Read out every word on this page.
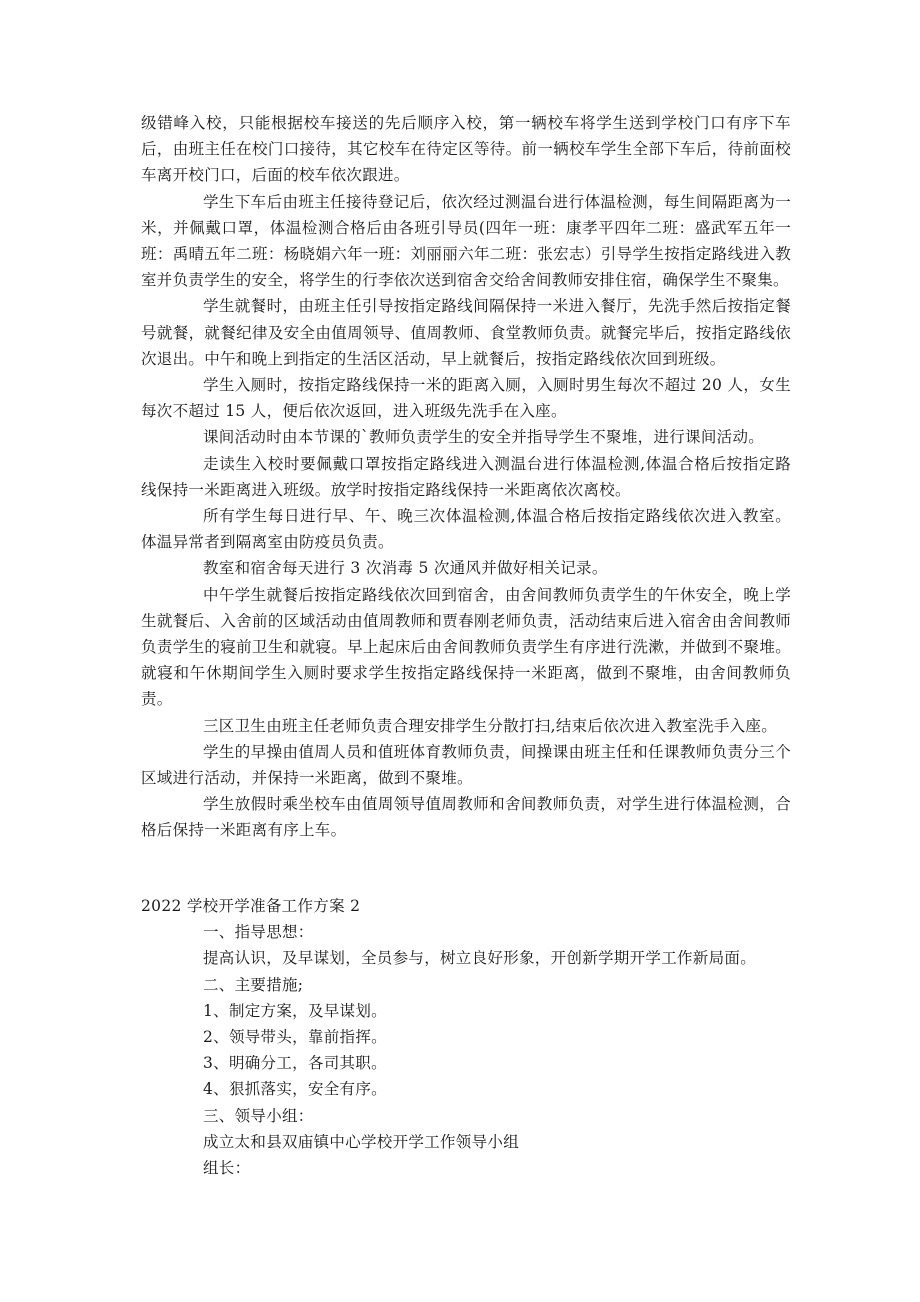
级错峰入校，只能根据校车接送的先后顺序入校，第一辆校车将学生送到学校门口有序下车后，由班主任在校门口接待，其它校车在待定区等待。前一辆校车学生全部下车后，待前面校车离开校门口，后面的校车依次跟进。

学生下车后由班主任接待登记后，依次经过测温台进行体温检测，每生间隔距离为一米，并佩戴口罩，体温检测合格后由各班引导员(四年一班：康孝平四年二班：盛武军五年一班：禹晴五年二班：杨晓娟六年一班：刘丽丽六年二班：张宏志）引导学生按指定路线进入教室并负责学生的安全，将学生的行李依次送到宿舍交给舍间教师安排住宿，确保学生不聚集。

学生就餐时，由班主任引导按指定路线间隔保持一米进入餐厅，先洗手然后按指定餐号就餐，就餐纪律及安全由值周领导、值周教师、食堂教师负责。就餐完毕后，按指定路线依次退出。中午和晚上到指定的生活区活动，早上就餐后，按指定路线依次回到班级。

学生入厕时，按指定路线保持一米的距离入厕，入厕时男生每次不超过 20 人，女生每次不超过 15 人，便后依次返回，进入班级先洗手在入座。

课间活动时由本节课的`教师负责学生的安全并指导学生不聚堆，进行课间活动。

走读生入校时要佩戴口罩按指定路线进入测温台进行体温检测,体温合格后按指定路线保持一米距离进入班级。放学时按指定路线保持一米距离依次离校。

所有学生每日进行早、午、晚三次体温检测,体温合格后按指定路线依次进入教室。体温异常者到隔离室由防疫员负责。

教室和宿舍每天进行 3 次消毒 5 次通风并做好相关记录。

中午学生就餐后按指定路线依次回到宿舍，由舍间教师负责学生的午休安全，晚上学生就餐后、入舍前的区域活动由值周教师和贾春刚老师负责，活动结束后进入宿舍由舍间教师负责学生的寝前卫生和就寝。早上起床后由舍间教师负责学生有序进行洗漱，并做到不聚堆。就寝和午休期间学生入厕时要求学生按指定路线保持一米距离，做到不聚堆，由舍间教师负责。

三区卫生由班主任老师负责合理安排学生分散打扫,结束后依次进入教室洗手入座。

学生的早操由值周人员和值班体育教师负责，间操课由班主任和任课教师负责分三个区域进行活动，并保持一米距离，做到不聚堆。

学生放假时乘坐校车由值周领导值周教师和舍间教师负责，对学生进行体温检测，合格后保持一米距离有序上车。

2022 学校开学准备工作方案 2

一、指导思想：

提高认识，及早谋划，全员参与，树立良好形象，开创新学期开学工作新局面。

二、主要措施;

1、制定方案，及早谋划。

2、领导带头，靠前指挥。

3、明确分工，各司其职。

4、狠抓落实，安全有序。

三、领导小组：

成立太和县双庙镇中心学校开学工作领导小组

组长：
